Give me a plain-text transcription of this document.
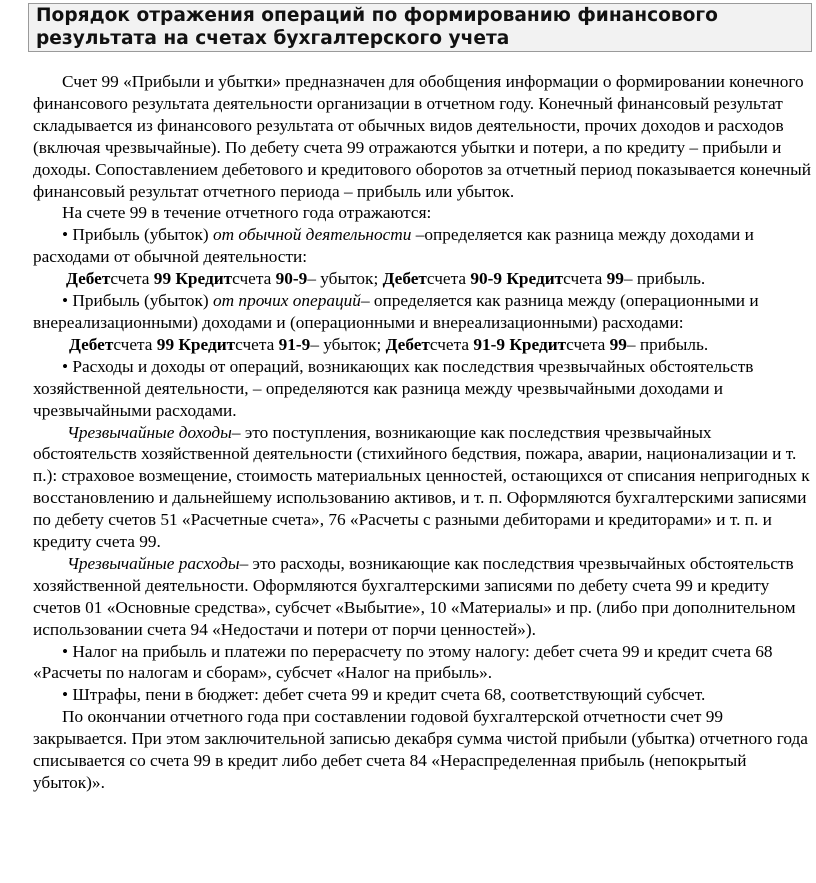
Порядок отражения операций по формированию финансового
результата на счетах бухгалтерского учета

Счет 99 «Прибыли и убытки» предназначен для обобщения информации о формировании конечного финансового результата деятельности организации в отчетном году. Конечный финансовый результат складывается из финансового результата от обычных видов деятельности, прочих доходов и расходов (включая чрезвычайные). По дебету счета 99 отражаются убытки и потери, а по кредиту – прибыли и доходы. Сопоставлением дебетового и кредитового оборотов за отчетный период показывается конечный финансовый результат отчетного периода – прибыль или убыток.

На счете 99 в течение отчетного года отражаются:

• Прибыль (убыток) от обычной деятельности –определяется как разница между доходами и расходами от обычной деятельности:

Дебетсчета 99 Кредитсчета 90-9– убыток; Дебетсчета 90-9 Кредитсчета 99– прибыль.

• Прибыль (убыток) от прочих операций– определяется как разница между (операционными и внереализационными) доходами и (операционными и внереализационными) расходами:

Дебетсчета 99 Кредитсчета 91-9– убыток; Дебетсчета 91-9 Кредитсчета 99– прибыль.

• Расходы и доходы от операций, возникающих как последствия чрезвычайных обстоятельств хозяйственной деятельности, – определяются как разница между чрезвычайными доходами и чрезвычайными расходами.

Чрезвычайные доходы– это поступления, возникающие как последствия чрезвычайных обстоятельств хозяйственной деятельности (стихийного бедствия, пожара, аварии, национализации и т. п.): страховое возмещение, стоимость материальных ценностей, остающихся от списания непригодных к восстановлению и дальнейшему использованию активов, и т. п. Оформляются бухгалтерскими записями по дебету счетов 51 «Расчетные счета», 76 «Расчеты с разными дебиторами и кредиторами» и т. п. и кредиту счета 99.

Чрезвычайные расходы– это расходы, возникающие как последствия чрезвычайных обстоятельств хозяйственной деятельности. Оформляются бухгалтерскими записями по дебету счета 99 и кредиту счетов 01 «Основные средства», субсчет «Выбытие», 10 «Материалы» и пр. (либо при дополнительном использовании счета 94 «Недостачи и потери от порчи ценностей»).

• Налог на прибыль и платежи по перерасчету по этому налогу: дебет счета 99 и кредит счета 68 «Расчеты по налогам и сборам», субсчет «Налог на прибыль».

• Штрафы, пени в бюджет: дебет счета 99 и кредит счета 68, соответствующий субсчет.

По окончании отчетного года при составлении годовой бухгалтерской отчетности счет 99 закрывается. При этом заключительной записью декабря сумма чистой прибыли (убытка) отчетного года списывается со счета 99 в кредит либо дебет счета 84 «Нераспределенная прибыль (непокрытый убыток)».
